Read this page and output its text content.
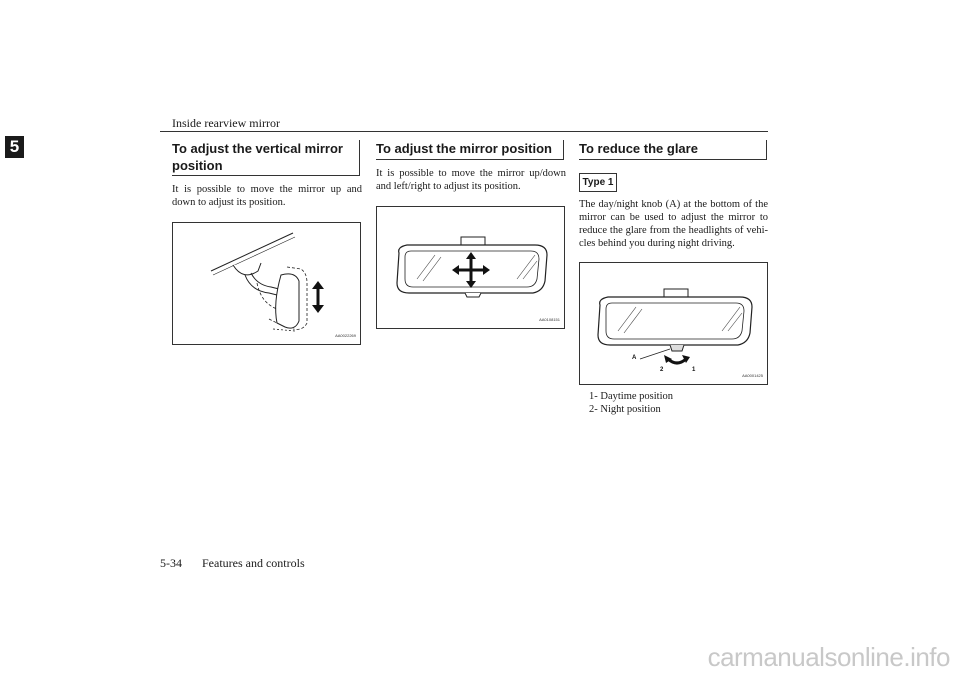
Inside rearview mirror
5	To adjust the vertical mirror position
It is possible to move the mirror up and down to adjust its position.
AA0022269
To adjust the mirror position
It is possible to move the mirror up/down and left/right to adjust its position.
AA0108151
To reduce the glare
Type 1
The day/night knob (A) at the bottom of the mirror can be used to adjust the mirror to reduce the glare from the headlights of vehi-cles behind you during night driving.
A
2	1
AA0001425
1- Daytime position
2- Night position
5-34 Features and controls
carmanualsonline.info
